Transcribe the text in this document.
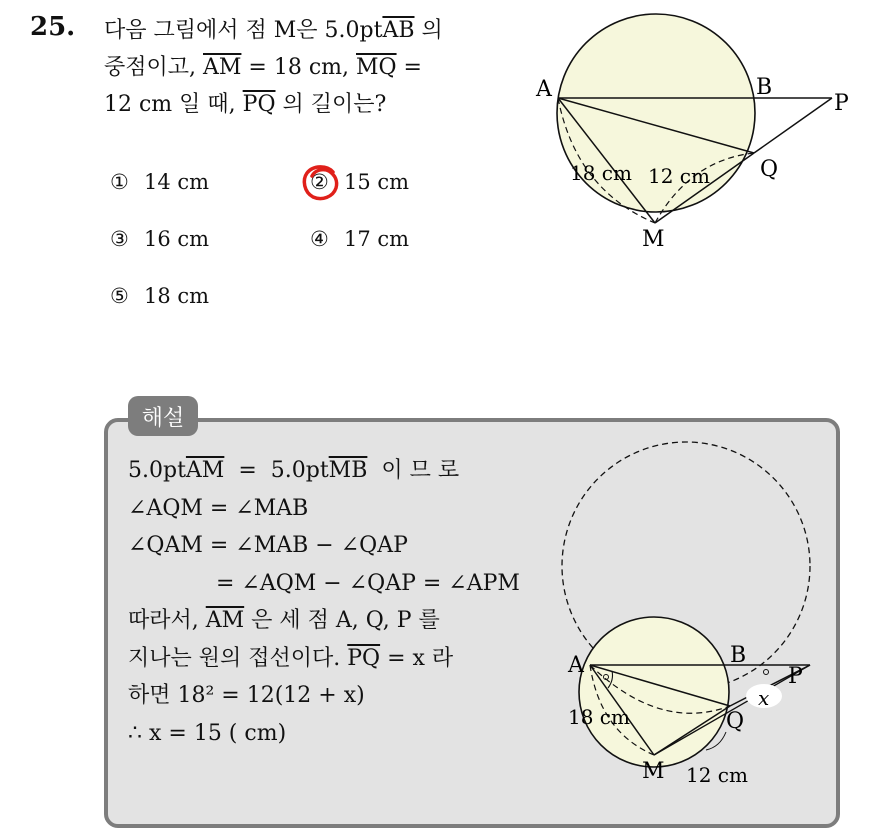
25. 다음 그림에서 점 M은 $5.0pt\overline{AB}$ 의
중점이고, $\overline{AM} = 18$ cm, $\overline{MQ}$ =
12 cm 일 때, $\overline{PQ}$ 의 길이는?
① 14 cm	② 15 cm
③ 16 cm	④ 17 cm
⑤ 18 cm
A	B
P
Q
M
18 cm 12 cm
해설
$5.0pt\overline{AM} = 5.0pt\overline{MB}$  이 므 로
∠AQM = ∠MAB
∠QAM = ∠MAB − ∠QAP
= ∠AQM − ∠QAP = ∠APM
따라서, $\overline{AM}$ 은 세 점 A, Q, P 를
지나는 원의 접선이다. $\overline{PQ} = x$ 라
하면 18² = 12(12 + x)
∴ x = 15 ( cm)
A	B
P
Q
M
18 cm
12 cm
x
